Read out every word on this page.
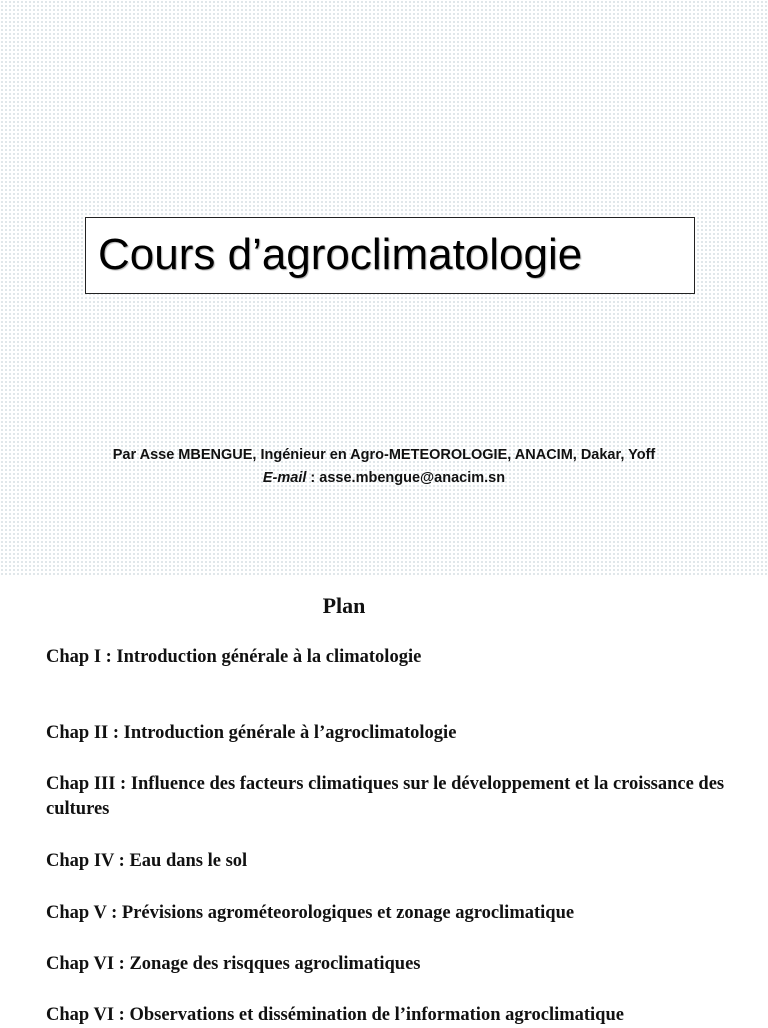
Cours d’agroclimatologie

Par Asse MBENGUE, Ingénieur en Agro-METEOROLOGIE, ANACIM, Dakar, Yoff

E-mail : asse.mbengue@anacim.sn

Plan

Chap I : Introduction générale à la climatologie

Chap II : Introduction générale à l’agroclimatologie

Chap III : Influence des facteurs climatiques sur le développement et la croissance des cultures

Chap IV : Eau dans le sol

Chap V : Prévisions agrométeorologiques et zonage agroclimatique

Chap VI : Zonage des risqques agroclimatiques

Chap VI : Observations et dissémination de l’information agroclimatique
